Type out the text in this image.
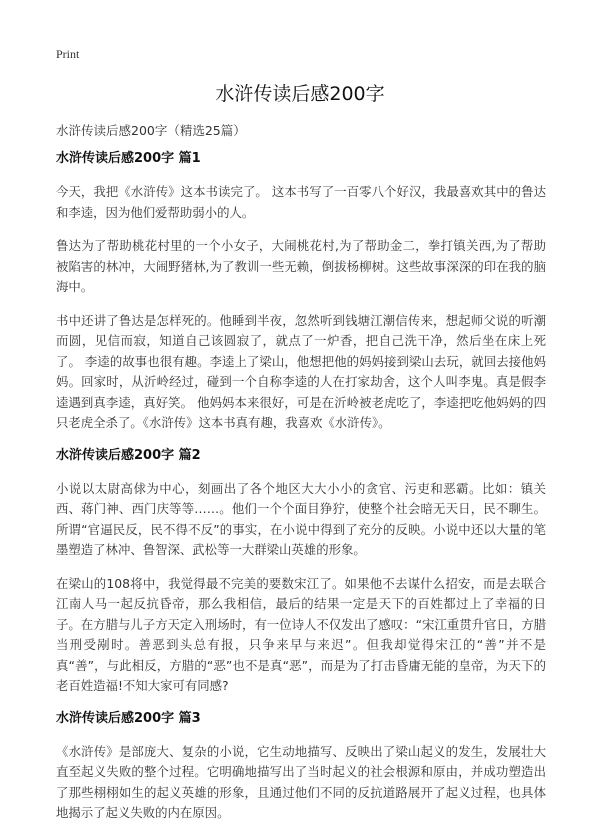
Print
水浒传读后感200字
水浒传读后感200字（精选25篇）
水浒传读后感200字 篇1

今天，我把《水浒传》这本书读完了。 这本书写了一百零八个好汉，我最喜欢其中的鲁达和李逵，因为他们爱帮助弱小的人。

鲁达为了帮助桃花村里的一个小女子，大闹桃花村,为了帮助金二，拳打镇关西,为了帮助被陷害的林冲，大闹野猪林,为了教训一些无赖，倒拔杨柳树。这些故事深深的印在我的脑海中。

书中还讲了鲁达是怎样死的。他睡到半夜，忽然听到钱塘江潮信传来，想起师父说的听潮而圆，见信而寂，知道自己该圆寂了，就点了一炉香，把自己洗干净，然后坐在床上死了。 李逵的故事也很有趣。李逵上了梁山，他想把他的妈妈接到梁山去玩，就回去接他妈妈。回家时，从沂岭经过，碰到一个自称李逵的人在打家劫舍，这个人叫李鬼。真是假李逵遇到真李逵，真好笑。 他妈妈本来很好，可是在沂岭被老虎吃了，李逵把吃他妈妈的四只老虎全杀了。《水浒传》这本书真有趣，我喜欢《水浒传》。

水浒传读后感200字 篇2

小说以太尉高俅为中心，刻画出了各个地区大大小小的贪官、污吏和恶霸。比如：镇关西、蒋门神、西门庆等等……。他们一个个面目狰狞，使整个社会暗无天日，民不聊生。所谓“官逼民反，民不得不反”的事实，在小说中得到了充分的反映。小说中还以大量的笔墨塑造了林冲、鲁智深、武松等一大群梁山英雄的形象。

在梁山的108将中，我觉得最不完美的要数宋江了。如果他不去谋什么招安，而是去联合江南人马一起反抗昏帝，那么我相信，最后的结果一定是天下的百姓都过上了幸福的日子。在方腊与儿子方天定入刑场时，有一位诗人不仅发出了感叹：“宋江重贯升官日，方腊当刑受剐时。善恶到头总有报，只争来早与来迟”。但我却觉得宋江的“善”并不是真“善”，与此相反，方腊的“恶”也不是真“恶”，而是为了打击昏庸无能的皇帝，为天下的老百姓造福!不知大家可有同感?

水浒传读后感200字 篇3

《水浒传》是部庞大、复杂的小说，它生动地描写、反映出了梁山起义的发生，发展壮大直至起义失败的整个过程。它明确地描写出了当时起义的社会根源和原由，并成功塑造出了那些栩栩如生的起义英雄的形象，且通过他们不同的反抗道路展开了起义过程，也具体地揭示了起义失败的内在原因。
